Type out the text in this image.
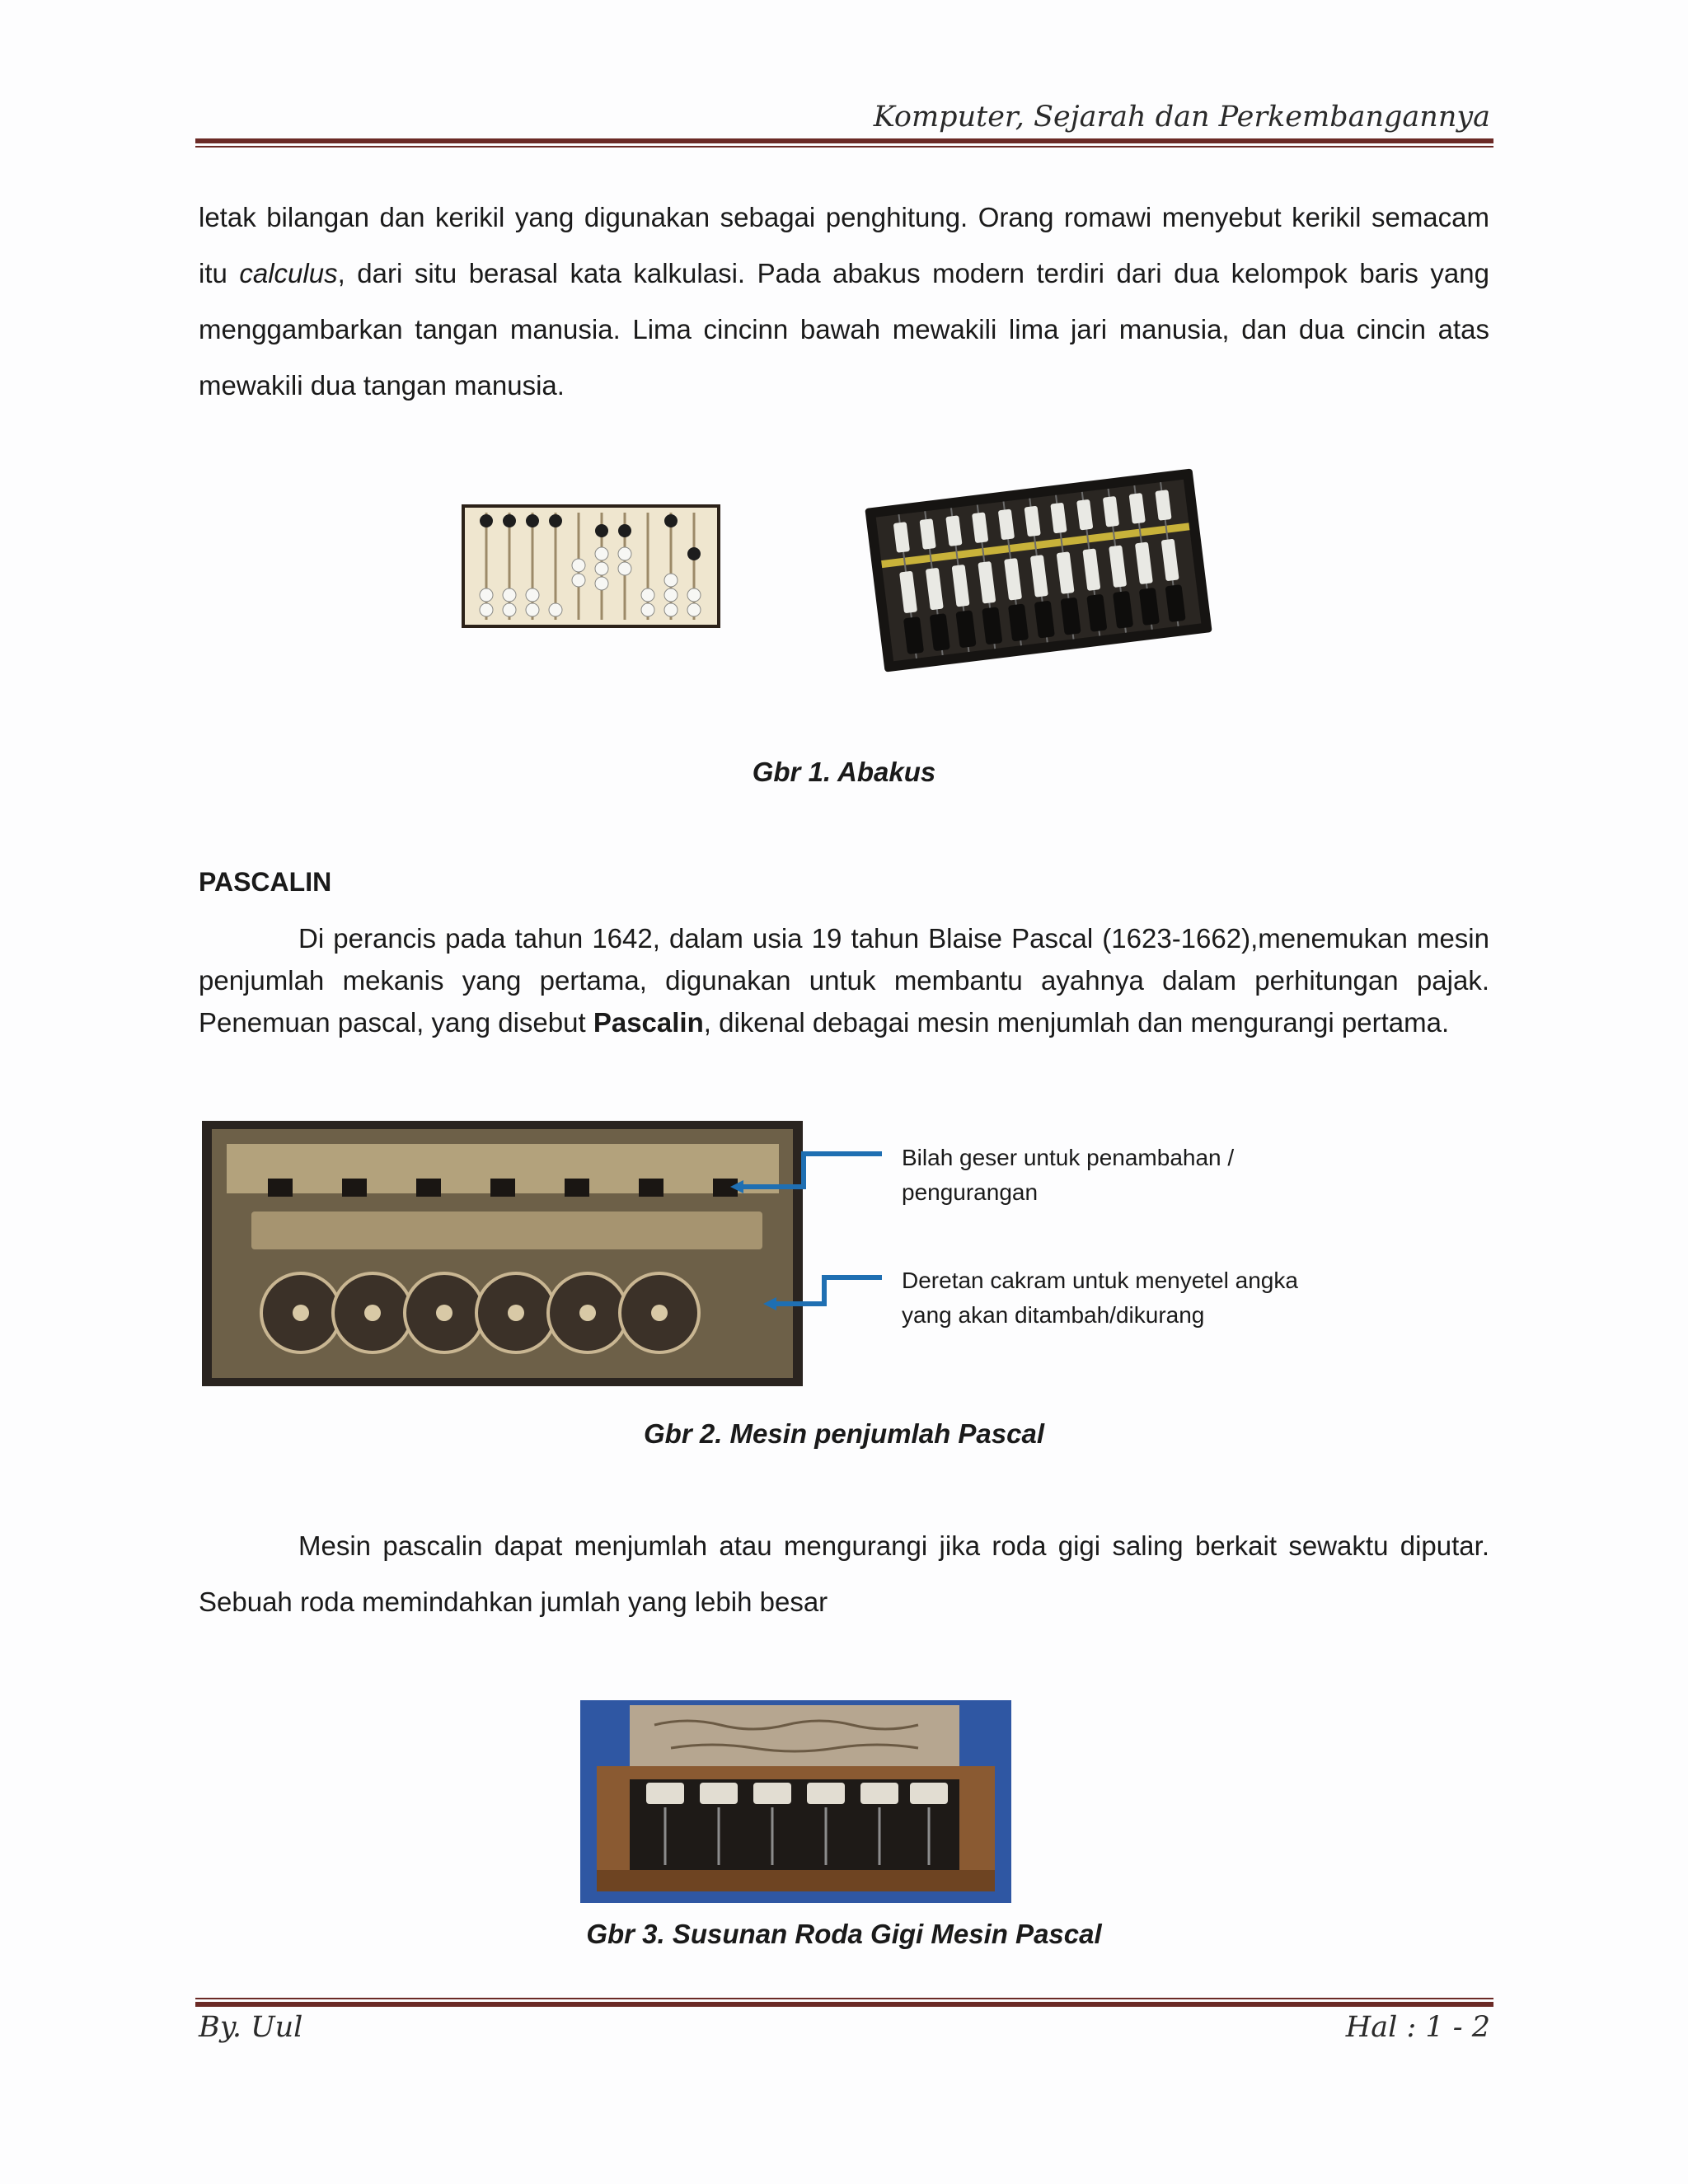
Komputer, Sejarah dan Perkembangannya
letak bilangan dan kerikil yang digunakan sebagai penghitung. Orang romawi menyebut kerikil semacam
itu calculus, dari situ berasal kata kalkulasi. Pada abakus modern terdiri dari dua kelompok baris yang
menggambarkan tangan manusia. Lima cincinn bawah mewakili lima jari manusia, dan dua cincin atas
mewakili dua tangan manusia.
Gbr 1. Abakus
PASCALIN
Di perancis pada tahun 1642, dalam usia 19 tahun Blaise Pascal (1623-1662),menemukan mesin
penjumlah mekanis yang pertama, digunakan untuk membantu ayahnya dalam perhitungan pajak.
Penemuan pascal, yang disebut Pascalin, dikenal debagai mesin menjumlah dan mengurangi pertama.
Bilah geser untuk penambahan /
pengurangan
Deretan cakram untuk menyetel angka
yang akan ditambah/dikurang
Gbr 2. Mesin penjumlah Pascal
Mesin pascalin dapat menjumlah atau mengurangi jika roda gigi saling berkait sewaktu diputar.
Sebuah roda memindahkan jumlah yang lebih besar
Gbr 3. Susunan Roda Gigi Mesin Pascal
By. Uul	Hal : 1 - 2
